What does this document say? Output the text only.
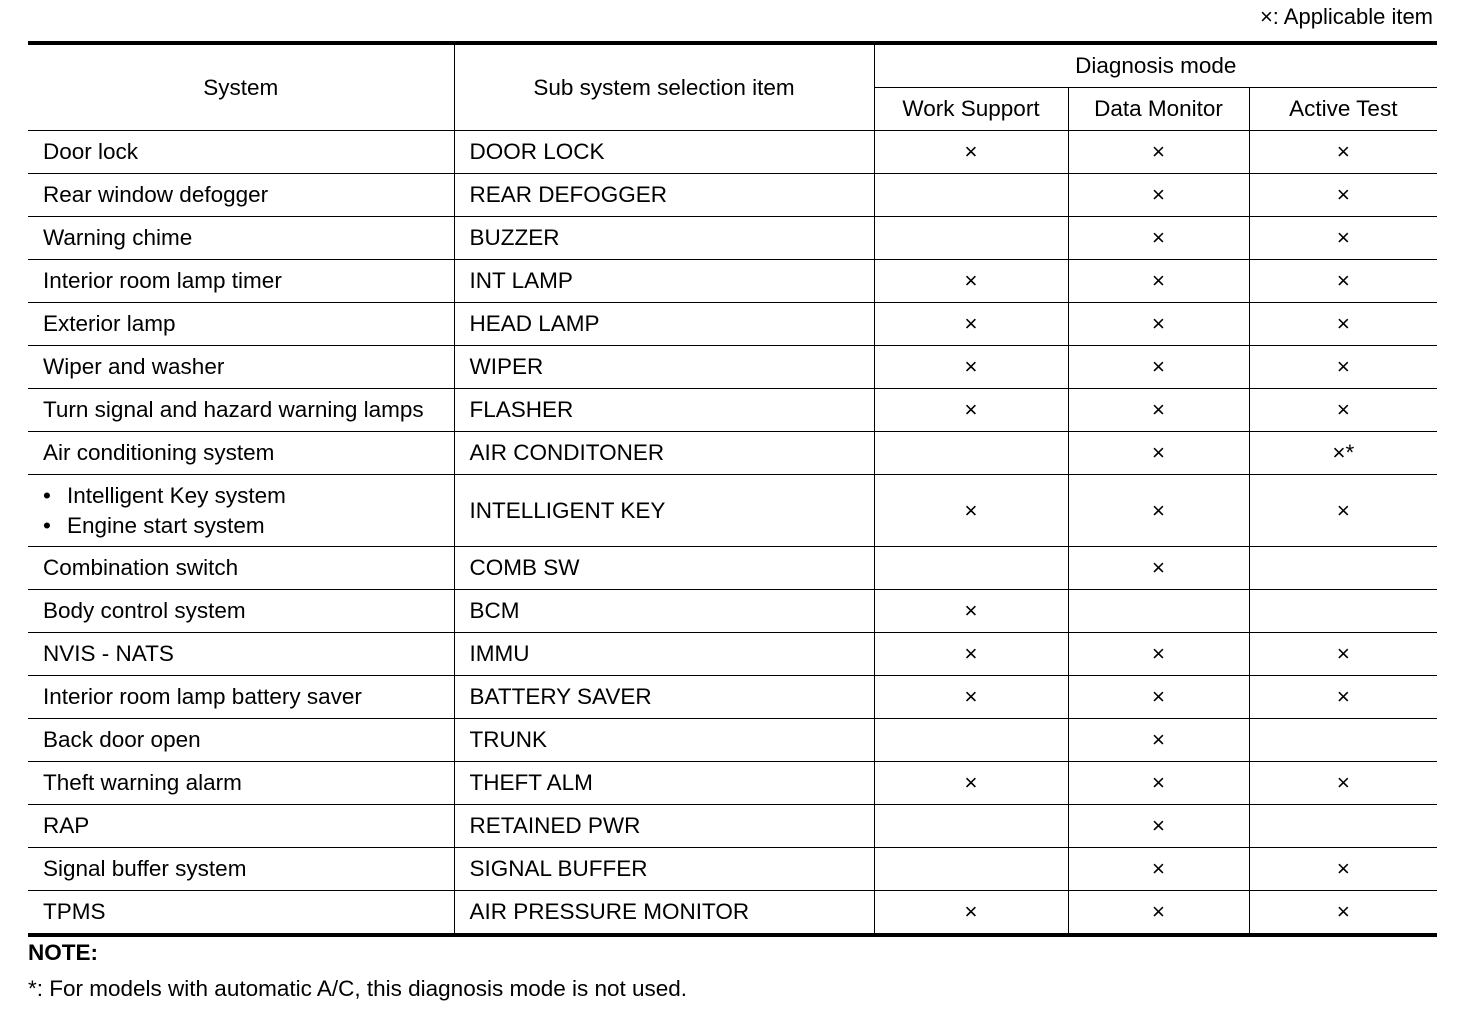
×: Applicable item
System	Sub system selection item	Diagnosis mode		
		Work Support	Data Monitor	Active Test
Door lock	DOOR LOCK	×	×	×
Rear window defogger	REAR DEFOGGER		×	×
Warning chime	BUZZER		×	×
Interior room lamp timer	INT LAMP	×	×	×
Exterior lamp	HEAD LAMP	×	×	×
Wiper and washer	WIPER	×	×	×
Turn signal and hazard warning lamps	FLASHER	×	×	×
Air conditioning system	AIR CONDITONER		×	×*

• Intelligent Key system
• Engine start system	INTELLIGENT KEY	×	×	×
Combination switch	COMB SW		×	
Body control system	BCM	×		
NVIS - NATS	IMMU	×	×	×
Interior room lamp battery saver	BATTERY SAVER	×	×	×
Back door open	TRUNK		×	
Theft warning alarm	THEFT ALM	×	×	×
RAP	RETAINED PWR		×	
Signal buffer system	SIGNAL BUFFER		×	×
TPMS	AIR PRESSURE MONITOR	×	×	×
NOTE:
*: For models with automatic A/C, this diagnosis mode is not used.
